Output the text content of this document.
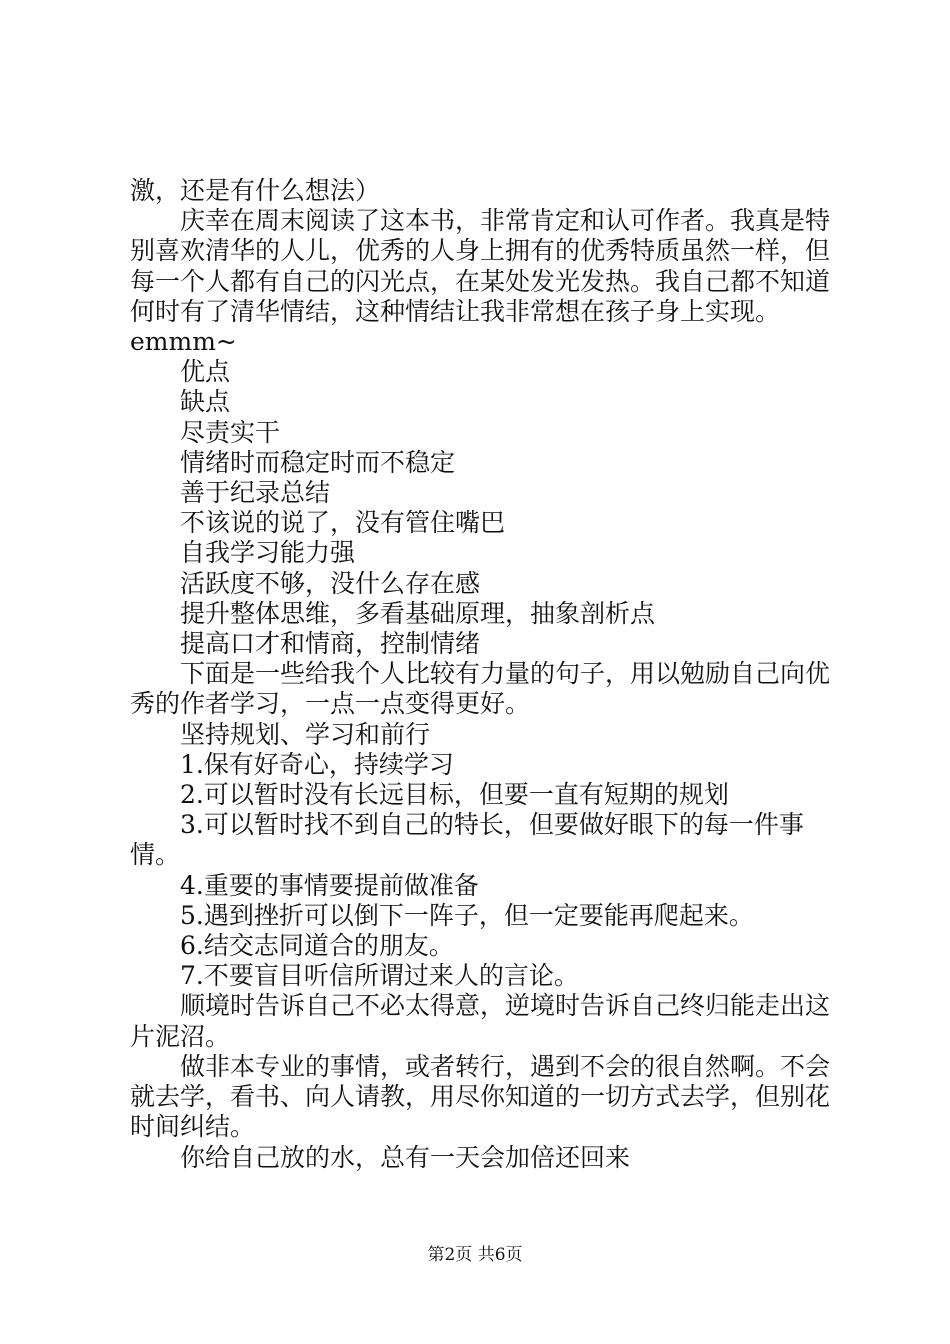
激，还是有什么想法）

庆幸在周末阅读了这本书，非常肯定和认可作者。我真是特别喜欢清华的人儿，优秀的人身上拥有的优秀特质虽然一样，但每一个人都有自己的闪光点，在某处发光发热。我自己都不知道何时有了清华情结，这种情结让我非常想在孩子身上实现。emmm~

优点

缺点

尽责实干

情绪时而稳定时而不稳定

善于纪录总结

不该说的说了，没有管住嘴巴

自我学习能力强

活跃度不够，没什么存在感

提升整体思维，多看基础原理，抽象剖析点

提高口才和情商，控制情绪

下面是一些给我个人比较有力量的句子，用以勉励自己向优秀的作者学习，一点一点变得更好。

坚持规划、学习和前行

1.保有好奇心，持续学习

2.可以暂时没有长远目标，但要一直有短期的规划

3.可以暂时找不到自己的特长，但要做好眼下的每一件事情。

4.重要的事情要提前做准备

5.遇到挫折可以倒下一阵子，但一定要能再爬起来。

6.结交志同道合的朋友。

7.不要盲目听信所谓过来人的言论。

顺境时告诉自己不必太得意，逆境时告诉自己终归能走出这片泥沼。

做非本专业的事情，或者转行，遇到不会的很自然啊。不会就去学，看书、向人请教，用尽你知道的一切方式去学，但别花时间纠结。

你给自己放的水，总有一天会加倍还回来

第2页 共6页
